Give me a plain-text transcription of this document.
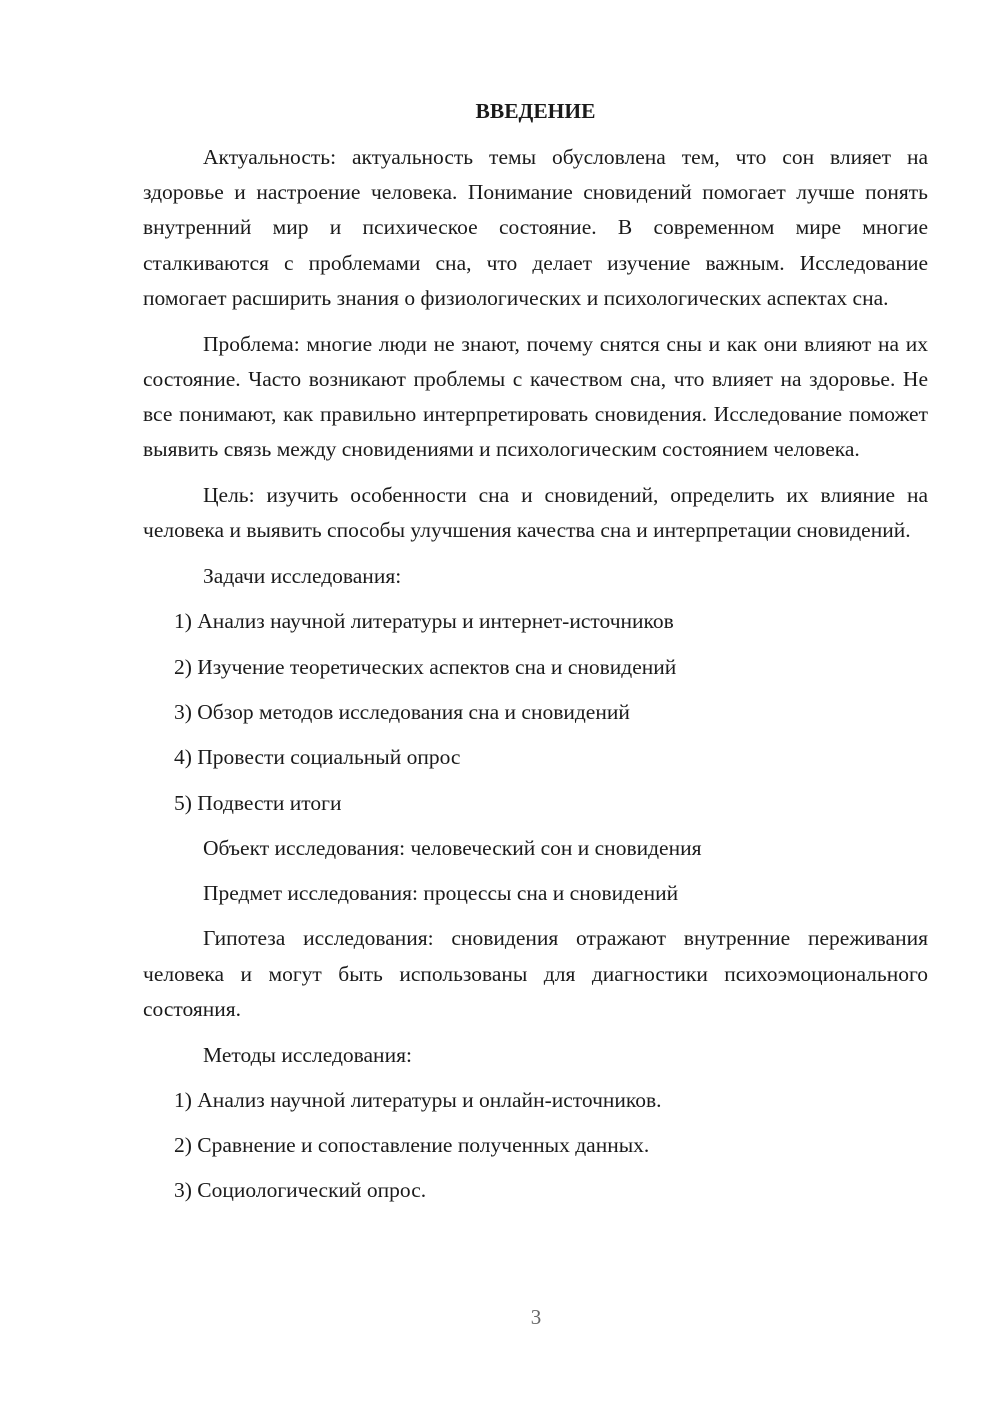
ВВЕДЕНИЕ
Актуальность: актуальность темы обусловлена тем, что сон влияет на здоровье и настроение человека. Понимание сновидений помогает лучше понять внутренний мир и психическое состояние. В современном мире многие сталкиваются с проблемами сна, что делает изучение важным. Исследование помогает расширить знания о физиологических и психологических аспектах сна.
Проблема: многие люди не знают, почему снятся сны и как они влияют на их состояние. Часто возникают проблемы с качеством сна, что влияет на здоровье. Не все понимают, как правильно интерпретировать сновидения. Исследование поможет выявить связь между сновидениями и психологическим состоянием человека.
Цель: изучить особенности сна и сновидений, определить их влияние на человека и выявить способы улучшения качества сна и интерпретации сновидений.
Задачи исследования:
1) Анализ научной литературы и интернет-источников
2) Изучение теоретических аспектов сна и сновидений
3) Обзор методов исследования сна и сновидений
4) Провести социальный опрос
5) Подвести итоги
Объект исследования: человеческий сон и сновидения
Предмет исследования: процессы сна и сновидений
Гипотеза исследования: сновидения отражают внутренние переживания человека и могут быть использованы для диагностики психоэмоционального состояния.
Методы исследования:
1) Анализ научной литературы и онлайн-источников.
2) Сравнение и сопоставление полученных данных.
3) Социологический опрос.
3
